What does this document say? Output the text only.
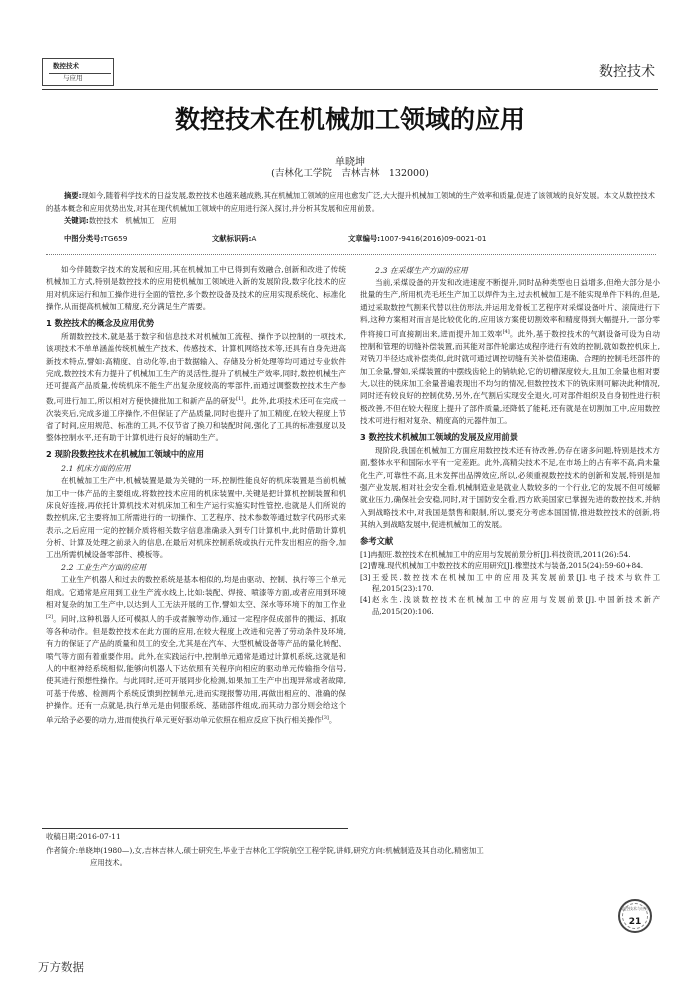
数控技术
与应用	数控技术
数控技术在机械加工领域的应用
单晓坤
(吉林化工学院　吉林吉林　132000)

摘要:现如今,随着科学技术的日益发展,数控技术也越来越成熟,其在机械加工领域的应用也愈发广泛,大大提升机械加工领域的生产效率和质量,促进了该领域的良好发展。本文从数控技术的基本概念和应用优势出发,对其在现代机械加工领域中的应用进行深入探讨,并分析其发展和应用前景。

关键词:数控技术　机械加工　应用
中图分类号:TG659	文献标识码:A	文章编号:1007-9416(2016)09-0021-01

如今伴随数字技术的发展和应用,其在机械加工中已得到有效融合,创新和改进了传统机械加工方式,特别是数控技术的应用使机械加工领域进入新的发展阶段,数字化技术的应用对机床运行和加工操作进行全面的管控,多个数控设备及技术的应用实现系统化、标准化操作,从而提高机械加工精度,充分满足生产需要。

1 数控技术的概念及应用优势

所谓数控技术,就是基于数字和信息技术对机械加工流程、操作予以控制的一项技术,该项技术不单单涵盖传统机械生产技术、传感技术、计算机网络技术等,还具有自身先进高新技术特点,譬如:高精度、自动化等,由于数据输入、存储及分析处理等均可通过专业软件完成,数控技术有力提升了机械加工生产的灵活性,提升了机械生产效率,同时,数控机械生产还可提高产品质量,传统机床不能生产出复杂度较高的零部件,而通过调整数控技术生产参数,可进行加工,所以相对方便快捷批加工和新产品的研发[1]。此外,此项技术还可在完成一次装夹后,完成多道工序操作,不但保证了产品质量,同时也提升了加工精度,在较大程度上节省了时间,应用规范、标准的工具,不仅节省了换刀和装配时间,强化了工具的标准强度以及整体控制水平,还有助于计算机进行良好的辅助生产。

2 现阶段数控技术在机械加工领域中的应用
2.1 机床方面的应用

在机械加工生产中,机械装置是最为关键的一环,控制性能良好的机床装置是当前机械加工中一体产品的主要组成,将数控技术应用的机床装置中,关键是把计算机控制装置和机床良好连接,再依托计算机技术对机床加工和生产运行实施实时性管控,也就是人们所说的数控机床,它主要将加工所需进行的一切操作、工艺程序、技术参数等通过数字代码形式来表示,之后应用一定的控制介质将相关数字信息准确录入到专门计算机中,此时借助计算机分析、计算及处理之前录入的信息,在最后对机床控制系统或执行元件发出相应的指令,加工出所需机械设备零部件、模板等。

2.2 工业生产方面的应用

工业生产机器人和过去的数控系统是基本相似的,均是由驱动、控制、执行等三个单元组成。它通常是应用到工业生产流水线上,比如:装配、焊接、喷漆等方面,或者应用到环境相对复杂的加工生产中,以达到人工无法开展的工作,譬如太空、深水等环境下的加工作业[2]。同时,这种机器人还可模拟人的手或者腕等动作,通过一定程序促成部件的搬运、抓取等各种动作。但是数控技术在此方面的应用,在较大程度上改进和完善了劳动条件及环境,有力的保证了产品的质量和员工的安全,尤其是在汽车、大型机械设备等产品的量化转配、喷气等方面有着重要作用。此外,在实践运行中,控制单元通常是通过计算机系统,这就是和人的中枢神经系统相似,能够向机器人下达依照有关程序向相应的驱动单元传输指令信号,使其进行预想性操作。与此同时,还可开展同步化检测,如果加工生产中出现异常或者故障,可基于传感、检测两个系统反馈到控制单元,进而实现报警功用,再做出相应的、准确的保护操作。还有一点就是,执行单元是由伺服系统、基础部件组成,而其动力部分则会给这个单元给予必要的动力,进而使执行单元更好驱动单元依照在相应反应下执行相关操作[3]。

2.3 在采煤生产方面的应用

当前,采煤设备的开发和改进速度不断提升,同时品种类型也日益增多,但绝大部分是小批量的生产,所用机壳毛坯生产加工以焊件为主,过去机械加工是不能实现单件下料的,但是,通过采取数控气割来代替以往仿形法,并运用龙骨板工艺程序对采煤设备叶片、滚筒进行下料,这种方案相对而言是比较优化的,应用该方案使切割效率和精度得到大幅提升,一部分零件将接口可直接割出来,进而提升加工效率[4]。此外,基于数控技术的气割设备可设为自动控制和管理的切缝补偿装置,而其能对部件轮廓达成程序进行有效的控制,就如数控机床上,对铣刀半径达成补偿类似,此时就可通过调控切缝有关补偿值速确、合理的控制毛坯部件的加工余量,譬如,采煤装置的中摆线齿轮上的销轨轮,它的切槽深度较大,且加工余量也相对要大,以往的铣床加工余量普遍表现出不均匀的情况,但数控技术下的铣床则可解决此种情况,同时还有较良好的控制优势,另外,在气割后实现安全退火,可对部件组织及自身韧性进行积极改善,不但在较大程度上提升了部件质量,还降低了能耗,还有就是在切割加工中,应用数控技术可进行相对复杂、精度高的元器件加工。

3 数控技术机械加工领域的发展及应用前景

现阶段,我国在机械加工方面应用数控技术还有待改善,仍存在诸多问题,特别是技术方面,整体水平和国际水平有一定差距。此外,高精尖技术不足,在市场上的占有率不高,尚未量化生产,可靠性不高,且未发挥出品牌效应,所以,必须重视数控技术的创新和发展,特别是加强产业发展,相对社会安全看,机械制造业是就业人数较多的一个行业,它的发展不但可缓解就业压力,确保社会安稳,同时,对于国防安全看,西方欧美国家已掌握先进的数控技术,并纳入到战略技术中,对我国是禁售和限制,所以,要充分考虑本国国情,推进数控技术的创新,将其纳入到战略发展中,促进机械加工的发展。

参考文献
[1]冉振旺.数控技术在机械加工中的应用与发展前景分析[J].科技资讯,2011(26):54.
[2]曹瑰.现代机械加工中数控技术的应用研究[J].橡塑技术与装备,2015(24):59-60+84.
[3]王爱民.数控技术在机械加工中的应用及其发展前景[J].电子技术与软件工程,2015(23):170.
[4]赵永生.浅谈数控技术在机械加工中的应用与发展前景[J].中国新技术新产品,2015(20):106.
收稿日期:2016-07-11
作者简介:单晓坤(1980—),女,吉林吉林人,硕士研究生,毕业于吉林化工学院航空工程学院,讲师,研究方向:机械制造及其自动化,精密加工
应用技术。
数控技术与应用
21
万方数据
